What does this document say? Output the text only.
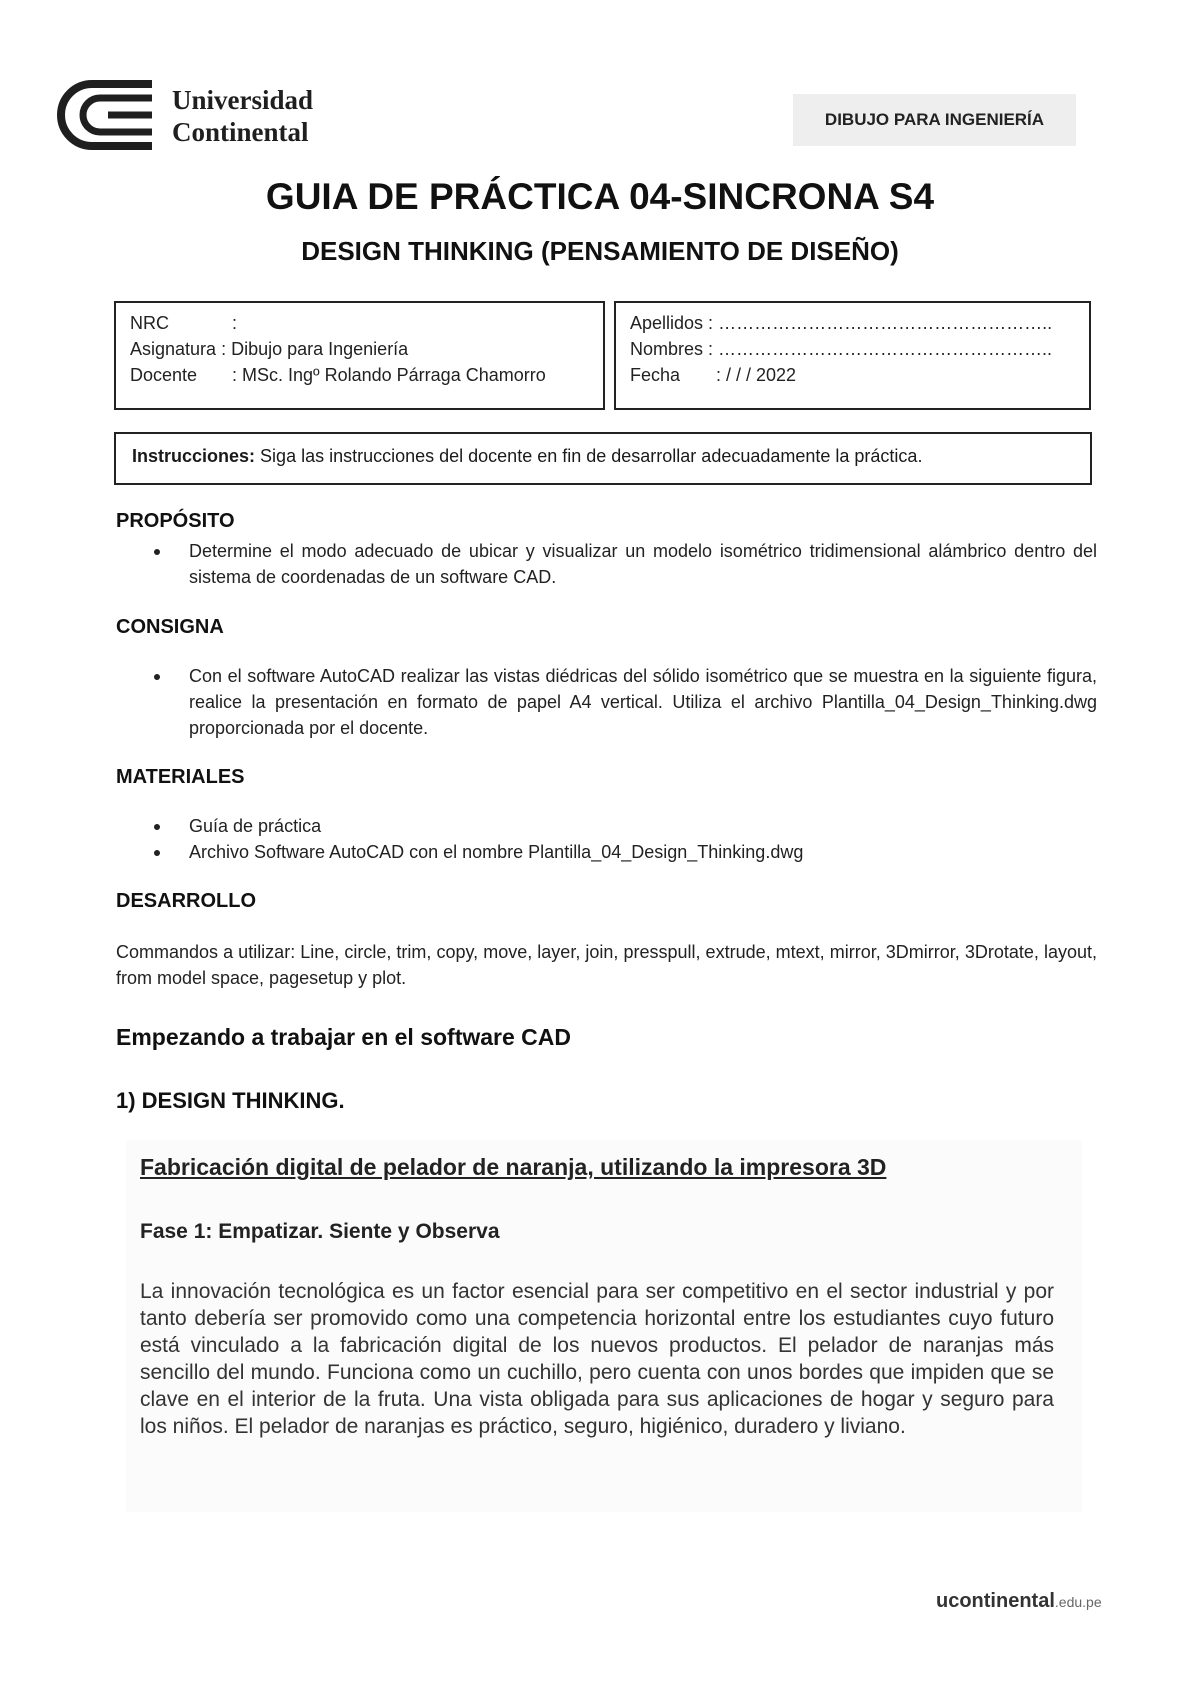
Universidad
Continental	DIBUJO PARA INGENIERÍA
GUIA DE PRÁCTICA 04-SINCRONA S4
DESIGN THINKING (PENSAMIENTO DE DISEÑO)
NRC	:
Asignatura : Dibujo para Ingeniería
Docente : MSc. Ingº Rolando Párraga Chamorro
Apellidos : ………………………………………………..
Nombres : ………………………………………………..
Fecha : / / / 2022
Instrucciones: Siga las instrucciones del docente en fin de desarrollar adecuadamente la práctica.
PROPÓSITO
Determine el modo adecuado de ubicar y visualizar un modelo isométrico tridimensional alámbrico dentro del sistema de coordenadas de un software CAD.
CONSIGNA
Con el software AutoCAD realizar las vistas diédricas del sólido isométrico que se muestra en la siguiente figura, realice la presentación en formato de papel A4 vertical. Utiliza el archivo Plantilla_04_Design_Thinking.dwg proporcionada por el docente.
MATERIALES
Guía de práctica
Archivo Software AutoCAD con el nombre Plantilla_04_Design_Thinking.dwg
DESARROLLO
Commandos a utilizar: Line, circle, trim, copy, move, layer, join, presspull, extrude, mtext, mirror, 3Dmirror, 3Drotate, layout, from model space, pagesetup y plot.
Empezando a trabajar en el software CAD
1) DESIGN THINKING.
Fabricación digital de pelador de naranja, utilizando la impresora 3D
Fase 1: Empatizar. Siente y Observa
La innovación tecnológica es un factor esencial para ser competitivo en el sector industrial y por tanto debería ser promovido como una competencia horizontal entre los estudiantes cuyo futuro está vinculado a la fabricación digital de los nuevos productos. El pelador de naranjas más sencillo del mundo. Funciona como un cuchillo, pero cuenta con unos bordes que impiden que se clave en el interior de la fruta. Una vista obligada para sus aplicaciones de hogar y seguro para los niños. El pelador de naranjas es práctico, seguro, higiénico, duradero y liviano.
ucontinental.edu.pe
